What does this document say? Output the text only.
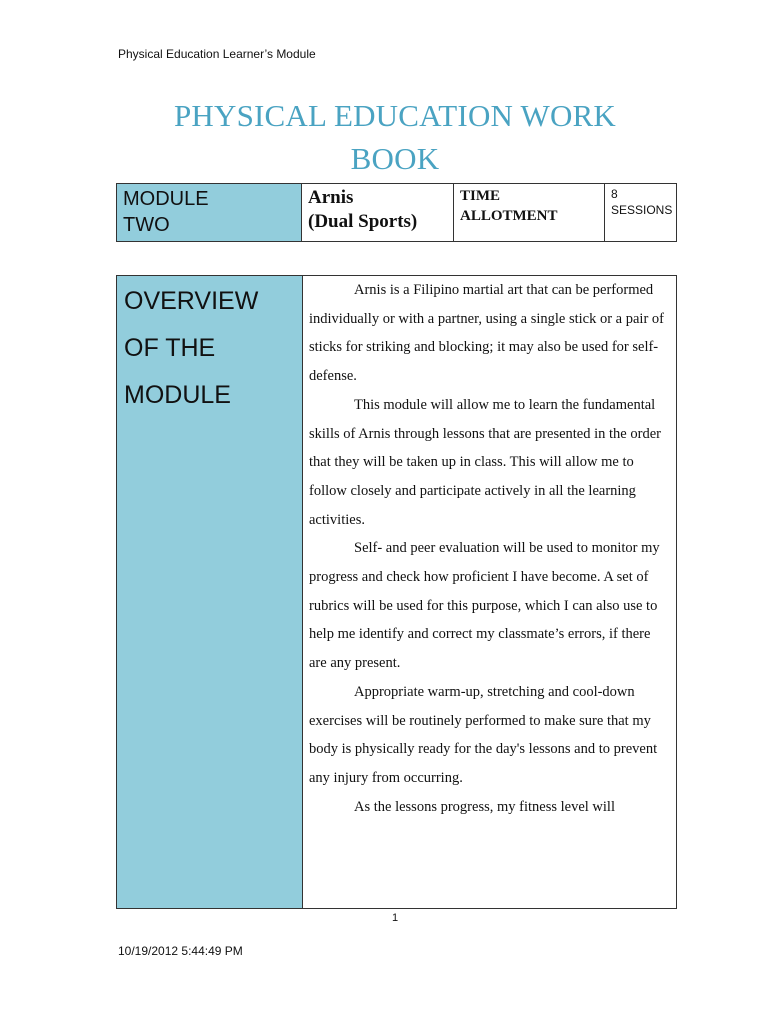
Physical Education Learner’s Module
PHYSICAL EDUCATION WORK
BOOK
MODULE
TWO

Arnis
(Dual Sports)

TIME
ALLOTMENT

8
SESSIONS
OVERVIEW
OF THE
MODULE

Arnis is a Filipino martial art that can be performed individually or with a partner, using a single stick or a pair of sticks for striking and blocking; it may also be used for self-defense.

This module will allow me to learn the fundamental skills of Arnis through lessons that are presented in the order that they will be taken up in class. This will allow me to follow closely and participate actively in all the learning activities.

Self- and peer evaluation will be used to monitor my progress and check how proficient I have become. A set of rubrics will be used for this purpose, which I can also use to help me identify and correct my classmate’s errors, if there are any present.

Appropriate warm-up, stretching and cool-down exercises will be routinely performed to make sure that my body is physically ready for the day's lessons and to prevent any injury from occurring.

As the lessons progress, my fitness level will

1
10/19/2012 5:44:49 PM
